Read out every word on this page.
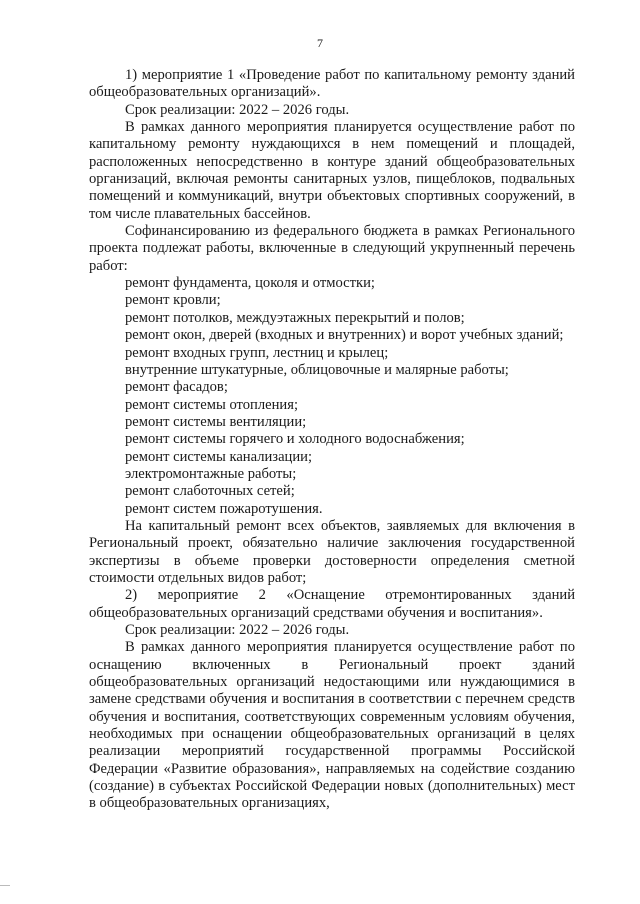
7

1) мероприятие 1 «Проведение работ по капитальному ремонту зданий общеобразовательных организаций».

Срок реализации: 2022 – 2026 годы.

В рамках данного мероприятия планируется осуществление работ по капитальному ремонту нуждающихся в нем помещений и площадей, расположенных непосредственно в контуре зданий общеобразовательных организаций, включая ремонты санитарных узлов, пищеблоков, подвальных помещений и коммуникаций, внутри объектовых спортивных сооружений, в том числе плавательных бассейнов.

Софинансированию из федерального бюджета в рамках Регионального проекта подлежат работы, включенные в следующий укрупненный перечень работ:

ремонт фундамента, цоколя и отмостки;

ремонт кровли;

ремонт потолков, междуэтажных перекрытий и полов;

ремонт окон, дверей (входных и внутренних) и ворот учебных зданий;

ремонт входных групп, лестниц и крылец;

внутренние штукатурные, облицовочные и малярные работы;

ремонт фасадов;

ремонт системы отопления;

ремонт системы вентиляции;

ремонт системы горячего и холодного водоснабжения;

ремонт системы канализации;

электромонтажные работы;

ремонт слаботочных сетей;

ремонт систем пожаротушения.

На капитальный ремонт всех объектов, заявляемых для включения в Региональный проект, обязательно наличие заключения государственной экспертизы в объеме проверки достоверности определения сметной стоимости отдельных видов работ;

2) мероприятие 2 «Оснащение отремонтированных зданий общеобразовательных организаций средствами обучения и воспитания».

Срок реализации: 2022 – 2026 годы.

В рамках данного мероприятия планируется осуществление работ по оснащению включенных в Региональный проект зданий общеобразовательных организаций недостающими или нуждающимися в замене средствами обучения и воспитания в соответствии с перечнем средств обучения и воспитания, соответствующих современным условиям обучения, необходимых при оснащении общеобразовательных организаций в целях реализации мероприятий государственной программы Российской Федерации «Развитие образования», направляемых на содействие созданию (создание) в субъектах Российской Федерации новых (дополнительных) мест в общеобразовательных организациях,
